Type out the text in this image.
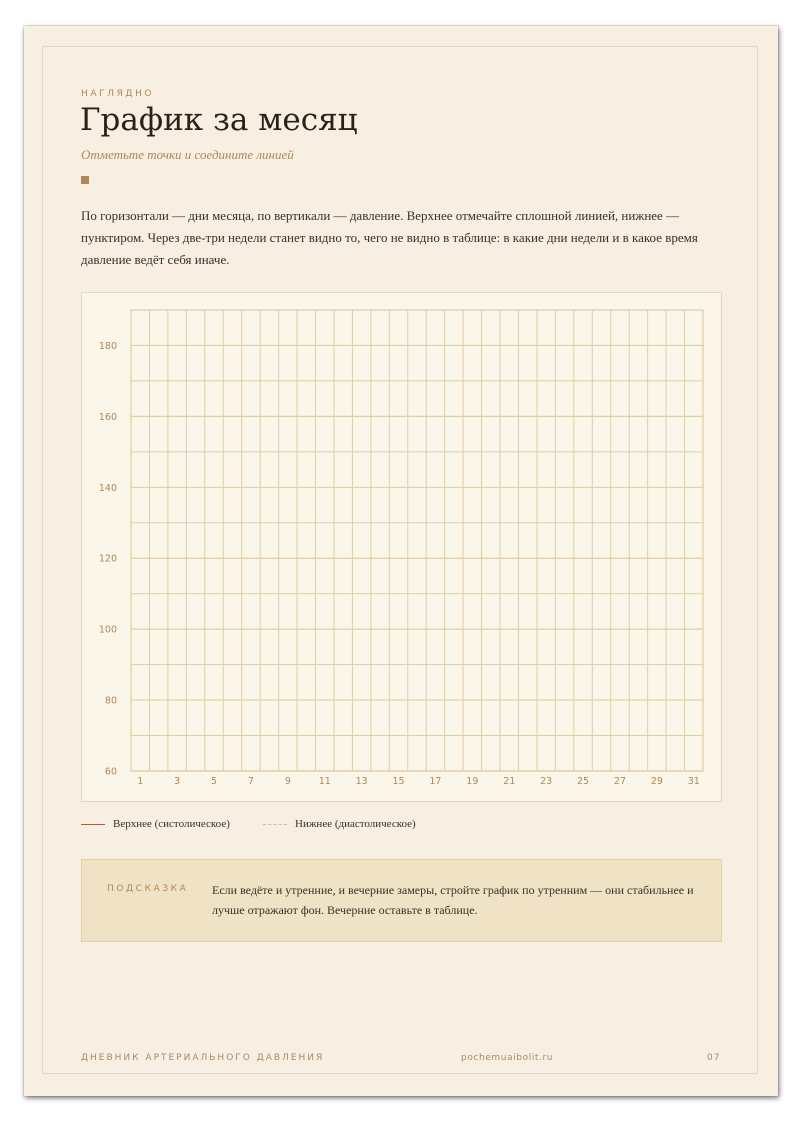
НАГЛЯДНО
График за месяц
Отметьте точки и соедините линией
По горизонтали — дни месяца, по вертикали — давление. Верхнее отмечайте сплошной линией, нижнее — пунктиром. Через две-три недели станет видно то, чего не видно в таблице: в какие дни недели и в какое время давление ведёт себя иначе.
60
80
100
120
140
160
180
1	3	5	7	9	11	13	15	17	19	21	23	25	27	29	31
Верхнее (систолическое)	Нижнее (диастолическое)
ПОДСКАЗКА Если ведёте и утренние, и вечерние замеры, стройте график по утренним — они стабильнее и лучше отражают фон. Вечерние оставьте в таблице.
ДНЕВНИК АРТЕРИАЛЬНОГО ДАВЛЕНИЯ	pochemuaibolit.ru	07
